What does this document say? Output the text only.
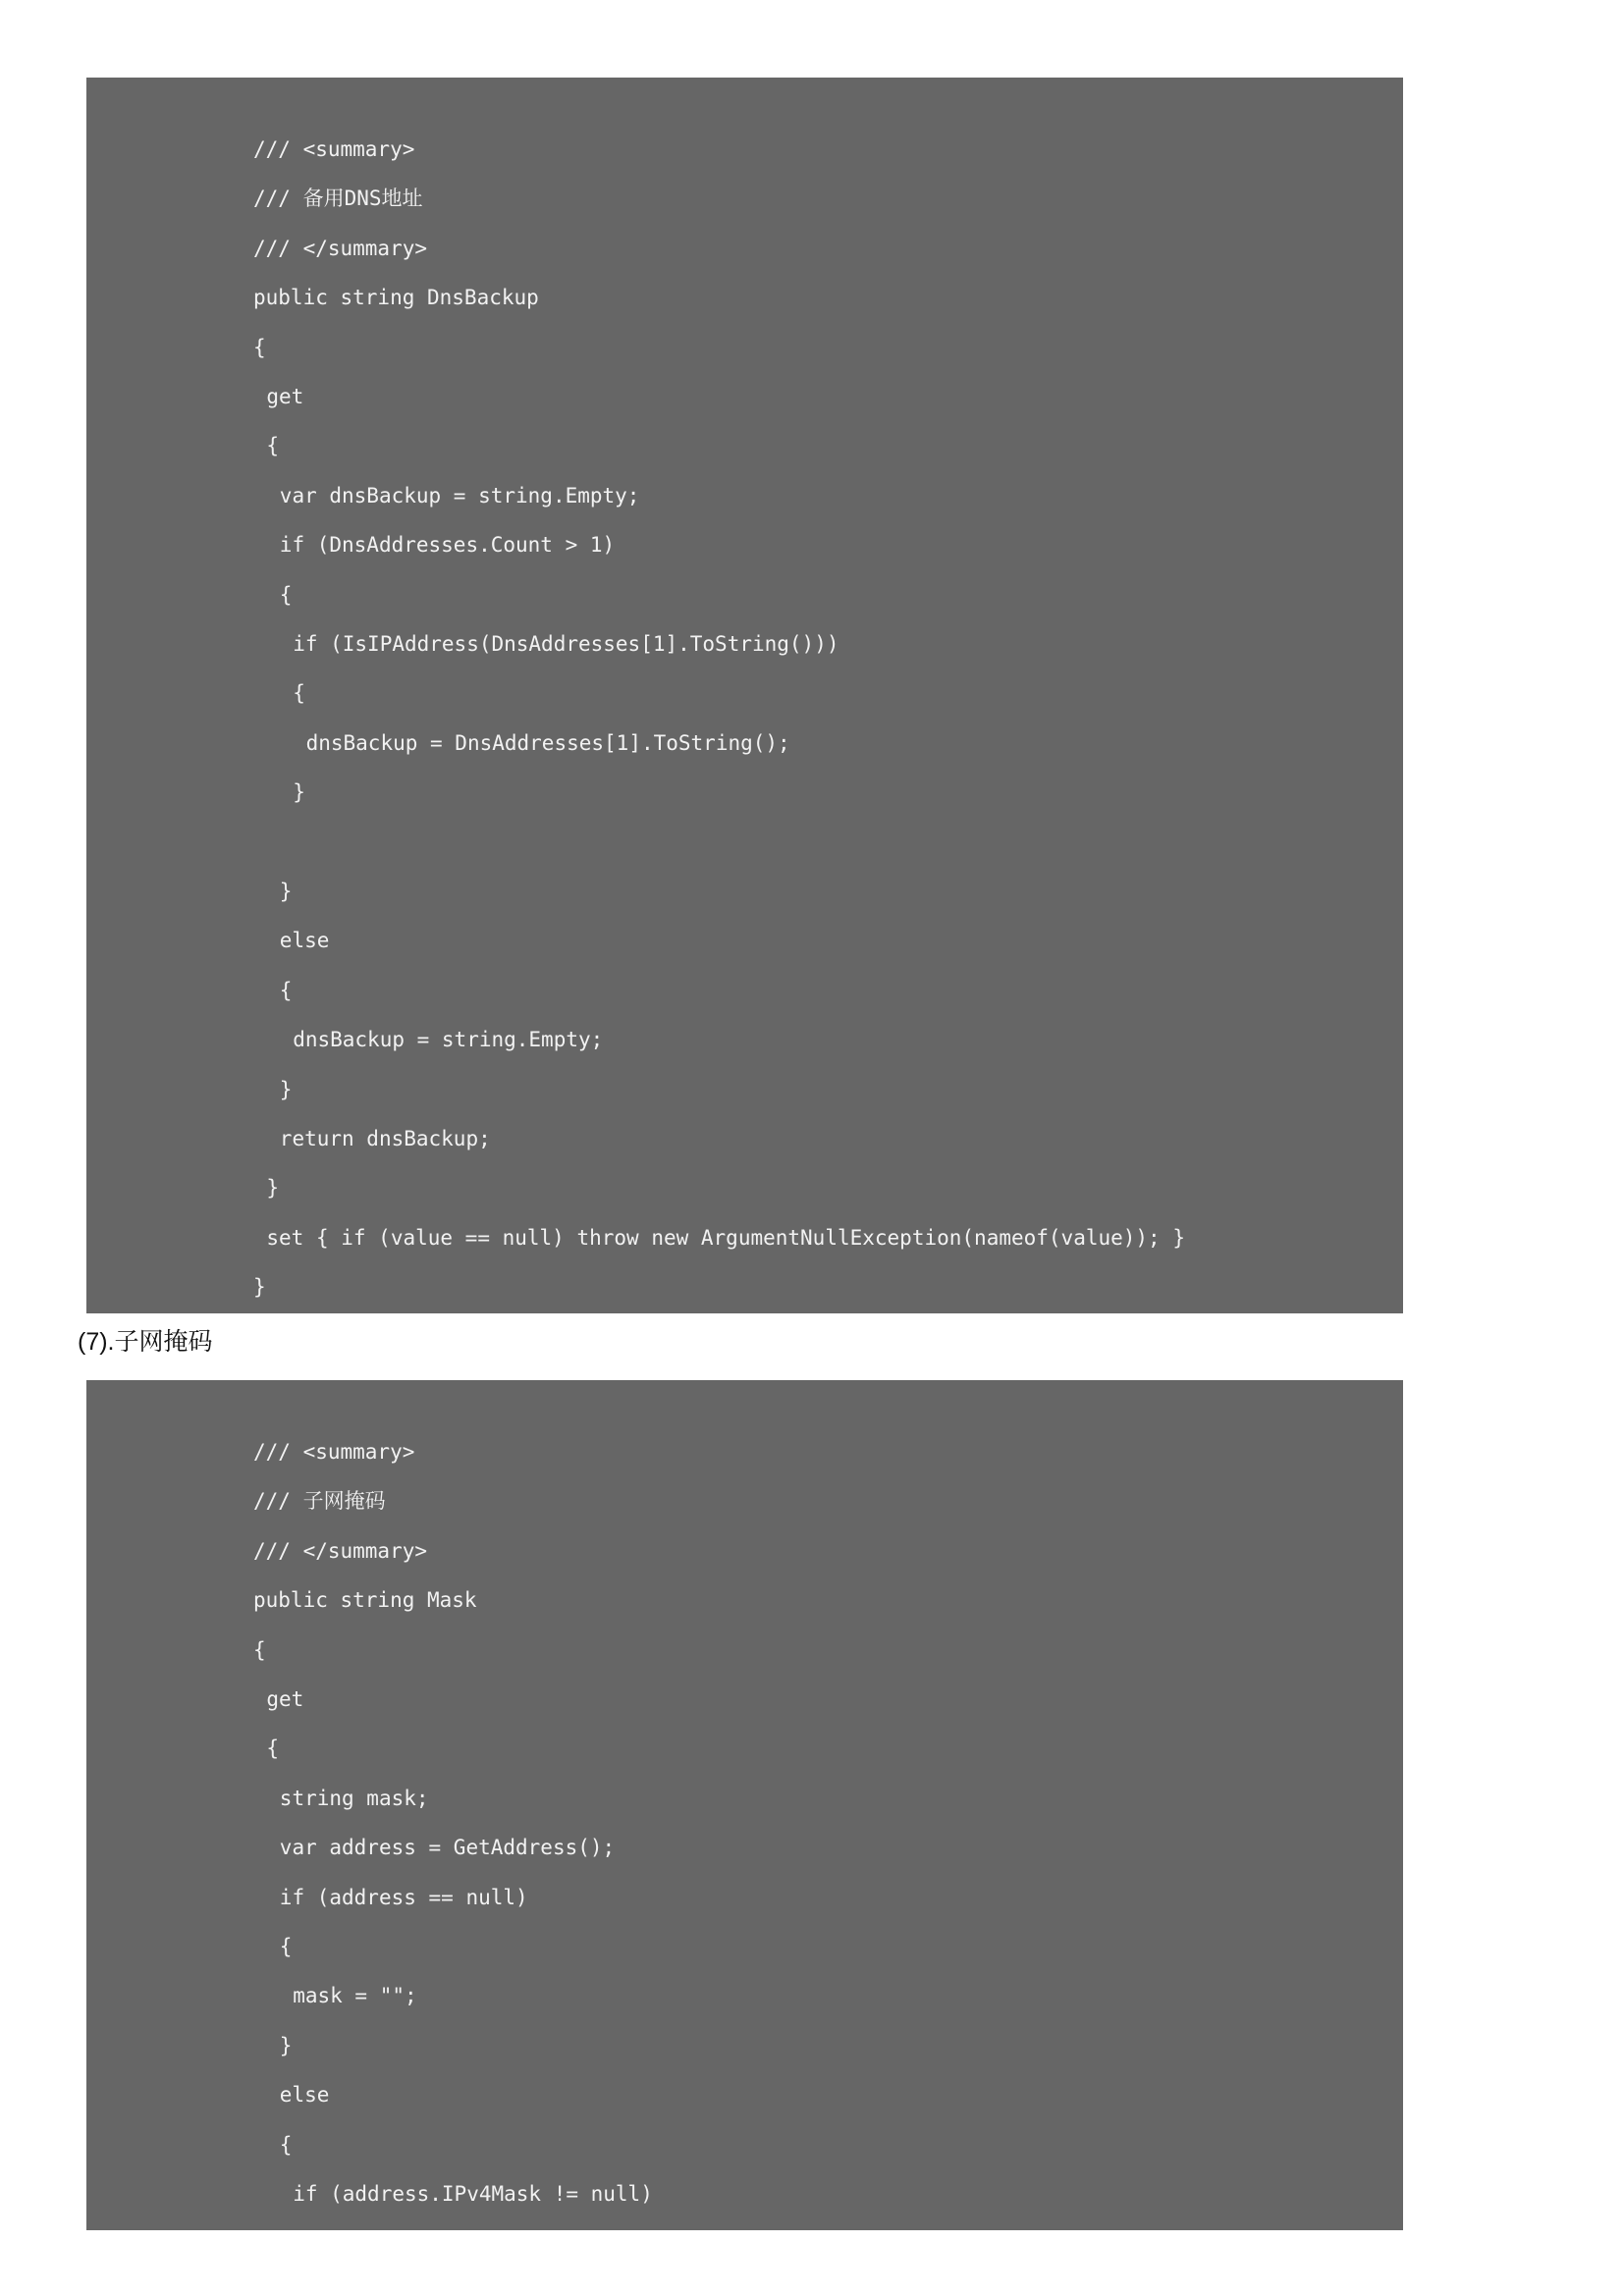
/// <summary>
/// 备用DNS地址
/// </summary>
public string DnsBackup
{
get
{
var dnsBackup = string.Empty;
if (DnsAddresses.Count > 1)
{
if (IsIPAddress(DnsAddresses[1].ToString()))
{
dnsBackup = DnsAddresses[1].ToString();
}
}
else
{
dnsBackup = string.Empty;
}
return dnsBackup;
}
set { if (value == null) throw new ArgumentNullException(nameof(value)); }
}
(7).子网掩码
/// <summary>
/// 子网掩码
/// </summary>
public string Mask
{
get
{
string mask;
var address = GetAddress();
if (address == null)
{
mask = "";
}
else
{
if (address.IPv4Mask != null)
